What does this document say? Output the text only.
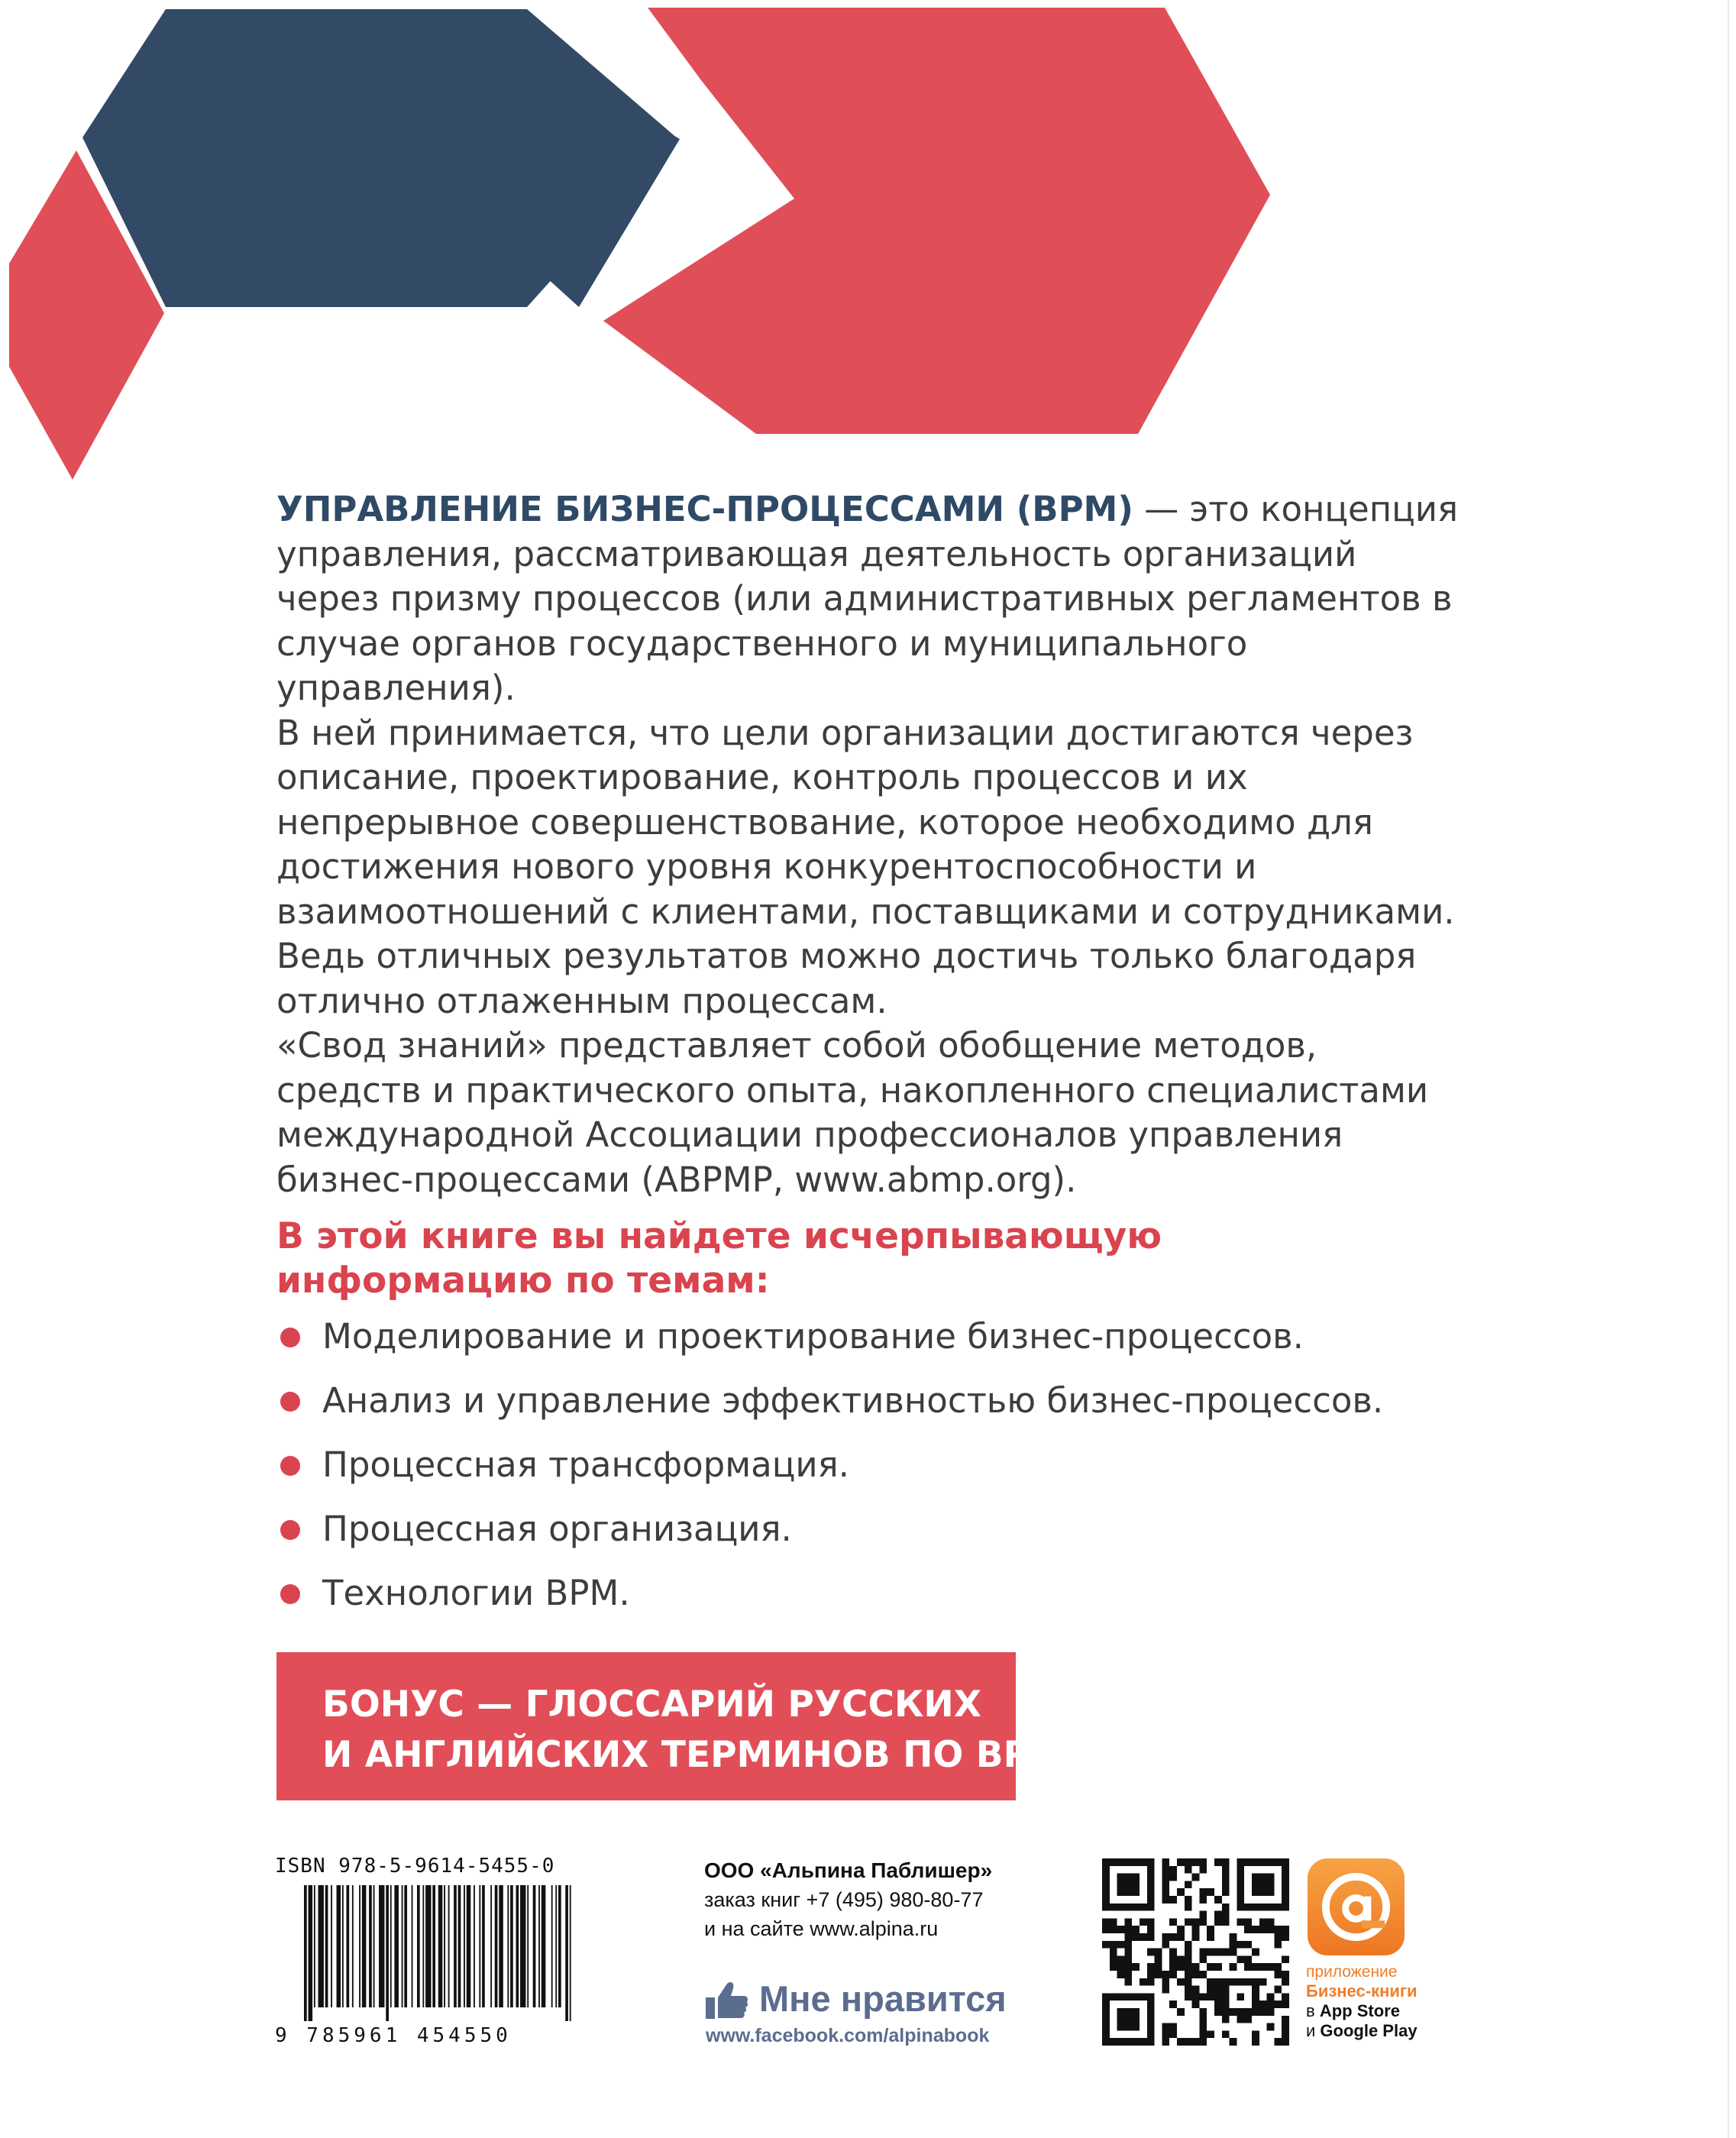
УПРАВЛЕНИЕ БИЗНЕС-ПРОЦЕССАМИ (BPM) — это концепция управления, рассматривающая деятельность организаций через призму процессов (или административных регламентов в случае органов государственного и муниципального управления).

В ней принимается, что цели организации достигаются через описание, проектирование, контроль процессов и их непрерывное совершенствование, которое необходимо для достижения нового уровня конкурентоспособности и взаимоотношений с клиентами, поставщиками и сотрудниками.

Ведь отличных результатов можно достичь только благодаря отлично отлаженным процессам.

«Свод знаний» представляет собой обобщение методов, средств и практического опыта, накопленного специалистами международной Ассоциации профессионалов управления бизнес-процессами (ABPMP, www.abmp.org).

В этой книге вы найдете исчерпывающую
информацию по темам:
Моделирование и проектирование бизнес-процессов.
Анализ и управление эффективностью бизнес-процессов.
Процессная трансформация.
Процессная организация.
Технологии BPM.
БОНУС — ГЛОССАРИЙ РУССКИХ
И АНГЛИЙСКИХ ТЕРМИНОВ ПО BPM
ISBN 978-5-9614-5455-0
9 785961 454550
ООО «Альпина Паблишер»
заказ книг +7 (495) 980-80-77
и на сайте www.alpina.ru
Мне нравится
www.facebook.com/alpinabook
приложение
Бизнес-книги
в App Store
и Google Play
